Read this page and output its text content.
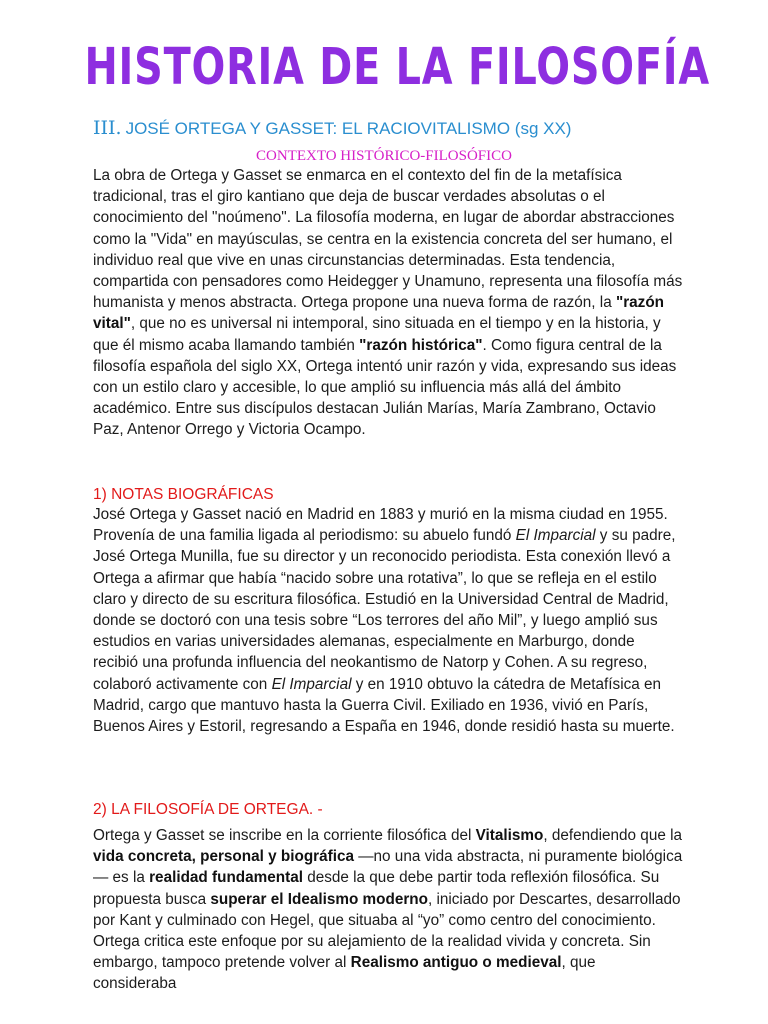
HISTORIA DE LA FILOSOFÍA
III. JOSÉ ORTEGA Y GASSET: EL RACIOVITALISMO (sg XX)
CONTEXTO HISTÓRICO-FILOSÓFICO
La obra de Ortega y Gasset se enmarca en el contexto del fin de la metafísica tradicional, tras el giro kantiano que deja de buscar verdades absolutas o el conocimiento del "noúmeno". La filosofía moderna, en lugar de abordar abstracciones como la "Vida" en mayúsculas, se centra en la existencia concreta del ser humano, el individuo real que vive en unas circunstancias determinadas. Esta tendencia, compartida con pensadores como Heidegger y Unamuno, representa una filosofía más humanista y menos abstracta. Ortega propone una nueva forma de razón, la "razón vital", que no es universal ni intemporal, sino situada en el tiempo y en la historia, y que él mismo acaba llamando también "razón histórica". Como figura central de la filosofía española del siglo XX, Ortega intentó unir razón y vida, expresando sus ideas con un estilo claro y accesible, lo que amplió su influencia más allá del ámbito académico. Entre sus discípulos destacan Julián Marías, María Zambrano, Octavio Paz, Antenor Orrego y Victoria Ocampo.
1) NOTAS BIOGRÁFICAS
José Ortega y Gasset nació en Madrid en 1883 y murió en la misma ciudad en 1955. Provenía de una familia ligada al periodismo: su abuelo fundó El Imparcial y su padre, José Ortega Munilla, fue su director y un reconocido periodista. Esta conexión llevó a Ortega a afirmar que había “nacido sobre una rotativa”, lo que se refleja en el estilo claro y directo de su escritura filosófica. Estudió en la Universidad Central de Madrid, donde se doctoró con una tesis sobre “Los terrores del año Mil”, y luego amplió sus estudios en varias universidades alemanas, especialmente en Marburgo, donde recibió una profunda influencia del neokantismo de Natorp y Cohen. A su regreso, colaboró activamente con El Imparcial y en 1910 obtuvo la cátedra de Metafísica en Madrid, cargo que mantuvo hasta la Guerra Civil. Exiliado en 1936, vivió en París, Buenos Aires y Estoril, regresando a España en 1946, donde residió hasta su muerte.
2) LA FILOSOFÍA DE ORTEGA. -
Ortega y Gasset se inscribe en la corriente filosófica del Vitalismo, defendiendo que la vida concreta, personal y biográfica —no una vida abstracta, ni puramente biológica— es la realidad fundamental desde la que debe partir toda reflexión filosófica. Su propuesta busca superar el Idealismo moderno, iniciado por Descartes, desarrollado por Kant y culminado con Hegel, que situaba al “yo” como centro del conocimiento. Ortega critica este enfoque por su alejamiento de la realidad vivida y concreta. Sin embargo, tampoco pretende volver al Realismo antiguo o medieval, que consideraba
